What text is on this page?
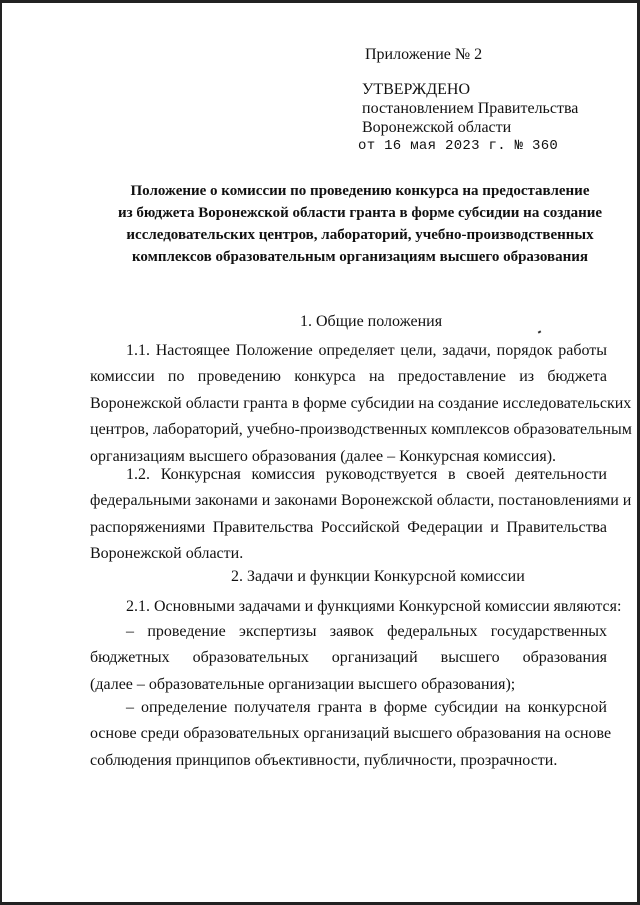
Приложение № 2
УТВЕРЖДЕНО
постановлением Правительства
Воронежской области
от 16 мая 2023 г. № 360
Положение о комиссии по проведению конкурса на предоставление
из бюджета Воронежской области гранта в форме субсидии на создание
исследовательских центров, лабораторий, учебно-производственных
комплексов образовательным организациям высшего образования
1. Общие положения
1.1. Настоящее Положение определяет цели, задачи, порядок работы
комиссии по проведению конкурса на предоставление из бюджета
Воронежской области гранта в форме субсидии на создание исследовательских
центров, лабораторий, учебно-производственных комплексов образовательным
организациям высшего образования (далее – Конкурсная комиссия).
1.2. Конкурсная комиссия руководствуется в своей деятельности
федеральными законами и законами Воронежской области, постановлениями и
распоряжениями Правительства Российской Федерации и Правительства
Воронежской области.
2. Задачи и функции Конкурсной комиссии
2.1. Основными задачами и функциями Конкурсной комиссии являются:
– проведение экспертизы заявок федеральных государственных
бюджетных образовательных организаций высшего образования
(далее – образовательные организации высшего образования);
– определение получателя гранта в форме субсидии на конкурсной
основе среди образовательных организаций высшего образования на основе
соблюдения принципов объективности, публичности, прозрачности.
